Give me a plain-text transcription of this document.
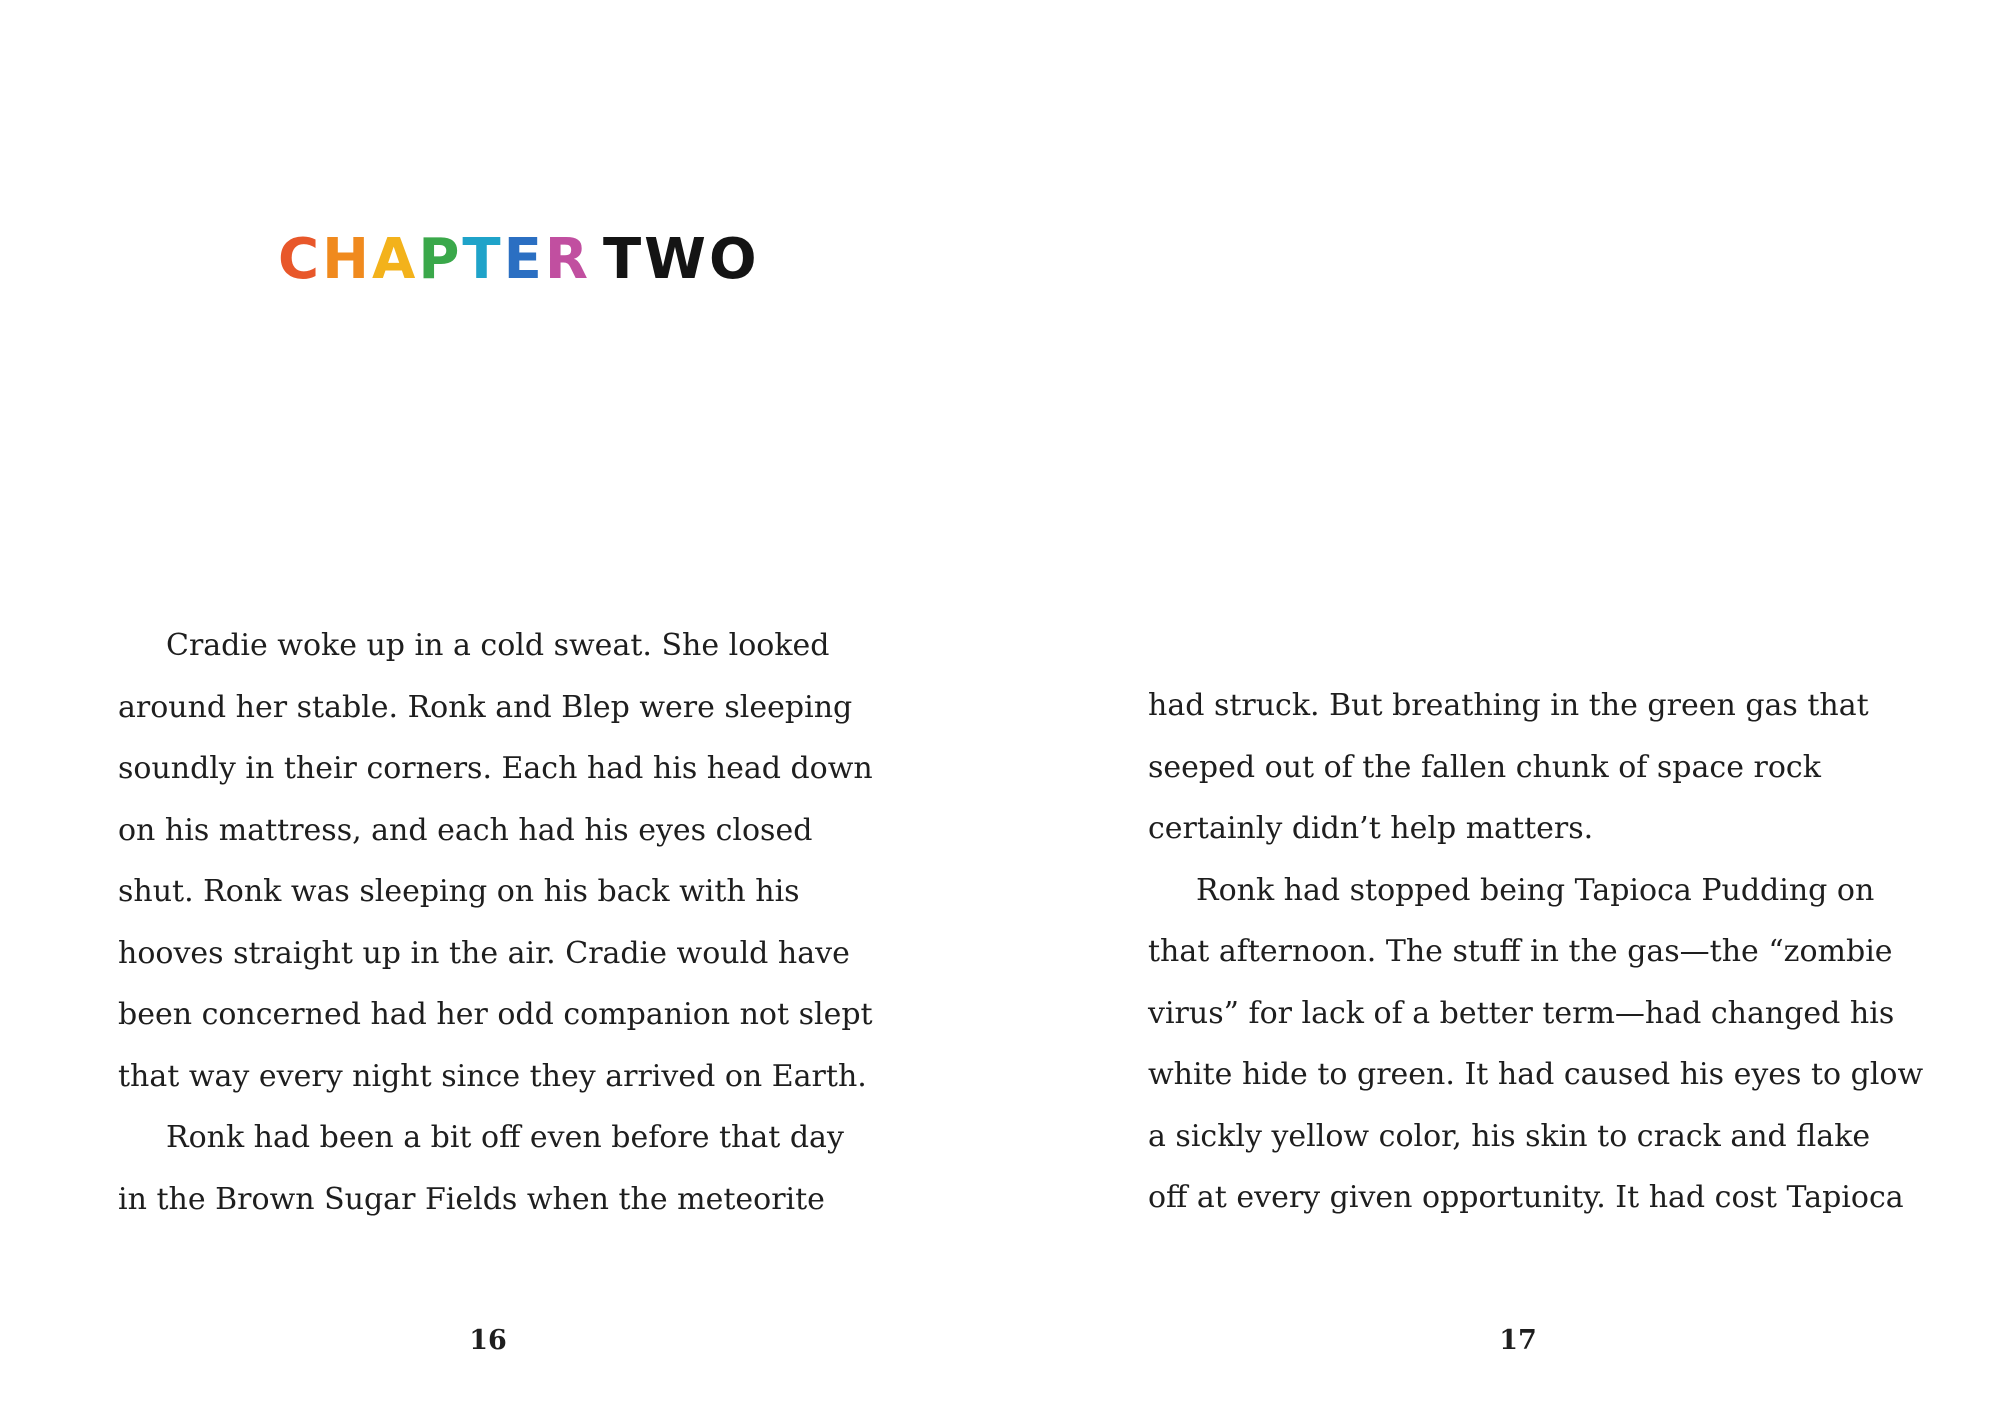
CHAPTER TWO
Cradie woke up in a cold sweat. She looked
around her stable. Ronk and Blep were sleeping
soundly in their corners. Each had his head down
on his mattress, and each had his eyes closed
shut. Ronk was sleeping on his back with his
hooves straight up in the air. Cradie would have
been concerned had her odd companion not slept
that way every night since they arrived on Earth.
Ronk had been a bit off even before that day
in the Brown Sugar Fields when the meteorite
16
had struck. But breathing in the green gas that
seeped out of the fallen chunk of space rock
certainly didn’t help matters.
Ronk had stopped being Tapioca Pudding on
that afternoon. The stuff in the gas—the “zombie
virus” for lack of a better term—had changed his
white hide to green. It had caused his eyes to glow
a sickly yellow color, his skin to crack and flake
off at every given opportunity. It had cost Tapioca
17
